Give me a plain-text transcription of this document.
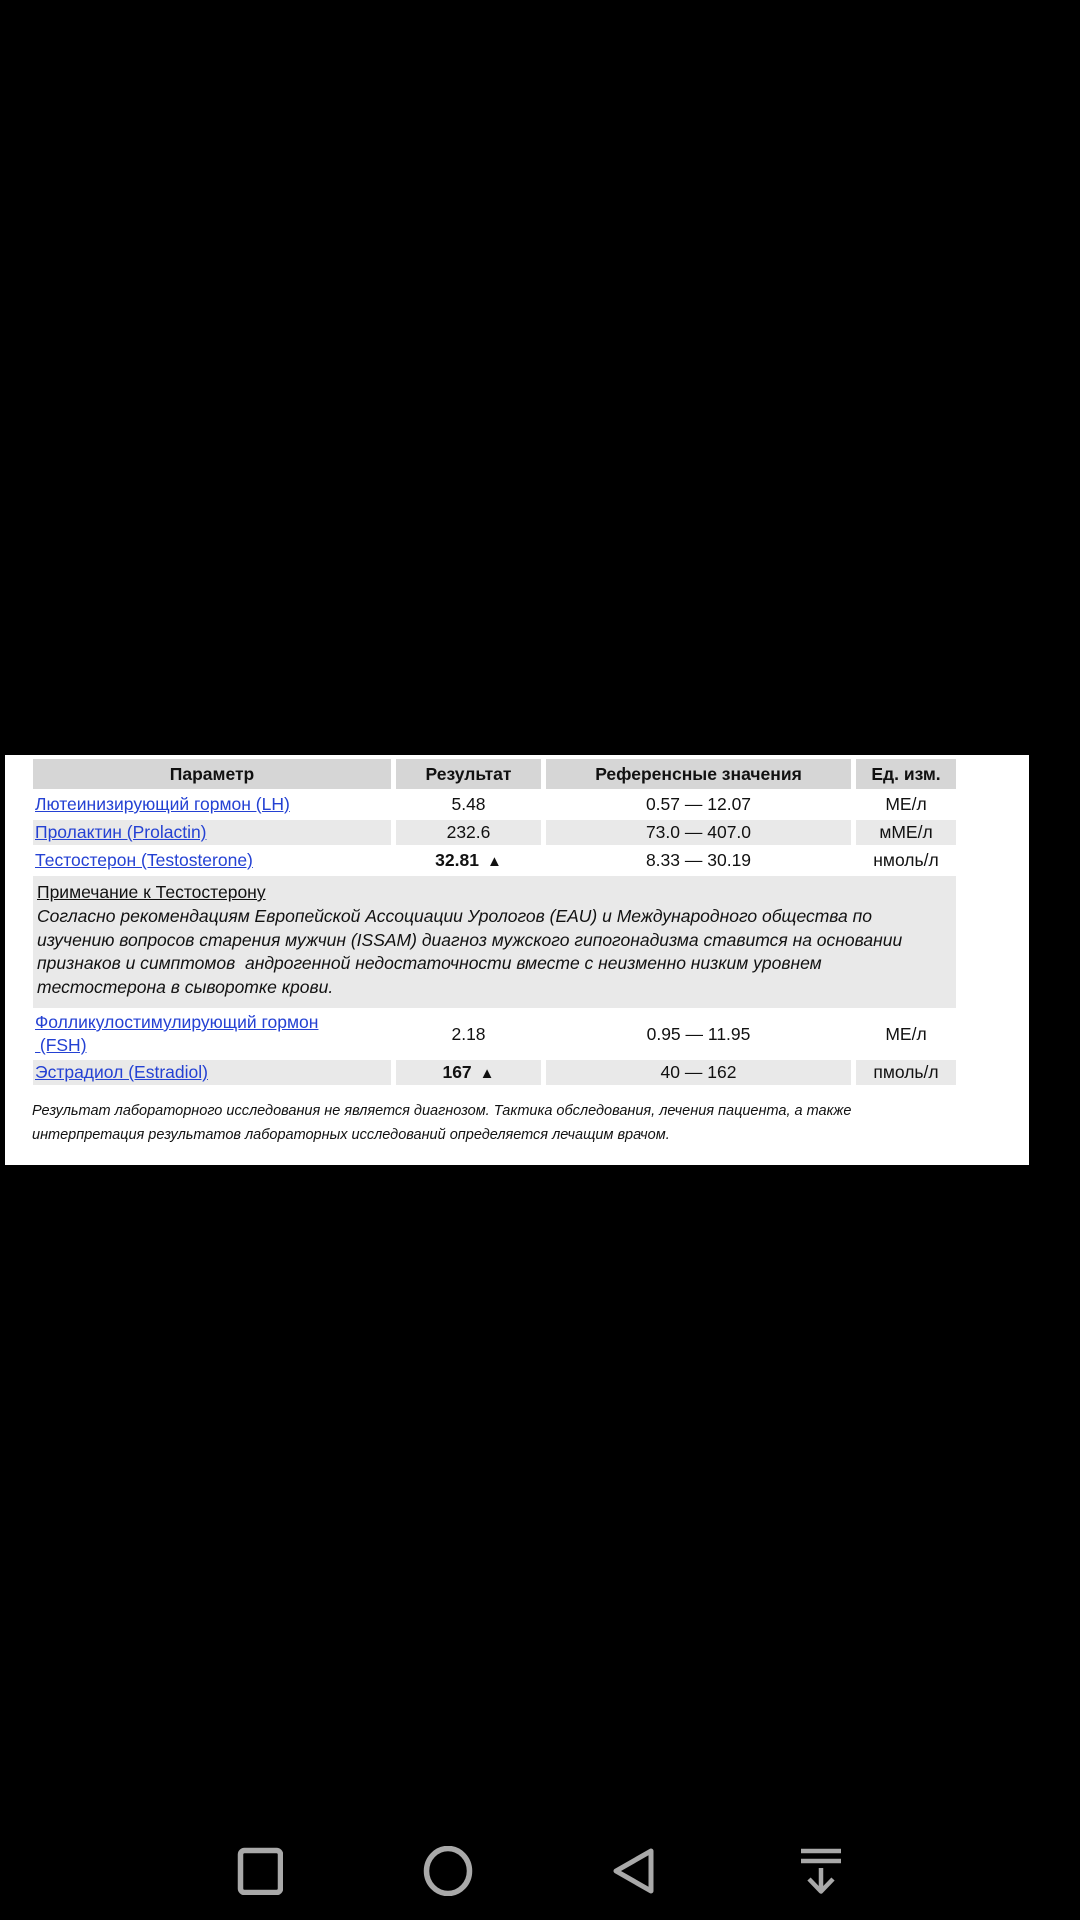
Параметр	Результат	Референсные значения	Ед. изм.
Лютеинизирующий гормон (LH)	5.48	0.57 — 12.07	МЕ/л
Пролактин (Prolactin)	232.6	73.0 — 407.0	мМЕ/л
Тестостерон (Testosterone)	32.81 ▲	8.33 — 30.19	нмоль/л

Примечание к Тестостерону
Согласно рекомендациям Европейской Ассоциации Урологов (EAU) и Международного общества по
изучению вопросов старения мужчин (ISSAM) диагноз мужского гипогонадизма ставится на основании
признаков и симптомов  андрогенной недостаточности вместе с неизменно низким уровнем
тестостерона в сыворотке крови.			

Фолликулостимулирующий гормон
(FSH)	2.18	0.95 — 11.95	МЕ/л
Эстрадиол (Estradiol)	167 ▲	40 — 162	пмоль/л
Результат лабораторного исследования не является диагнозом. Тактика обследования, лечения пациента, а также
интерпретация результатов лабораторных исследований определяется лечащим врачом.
